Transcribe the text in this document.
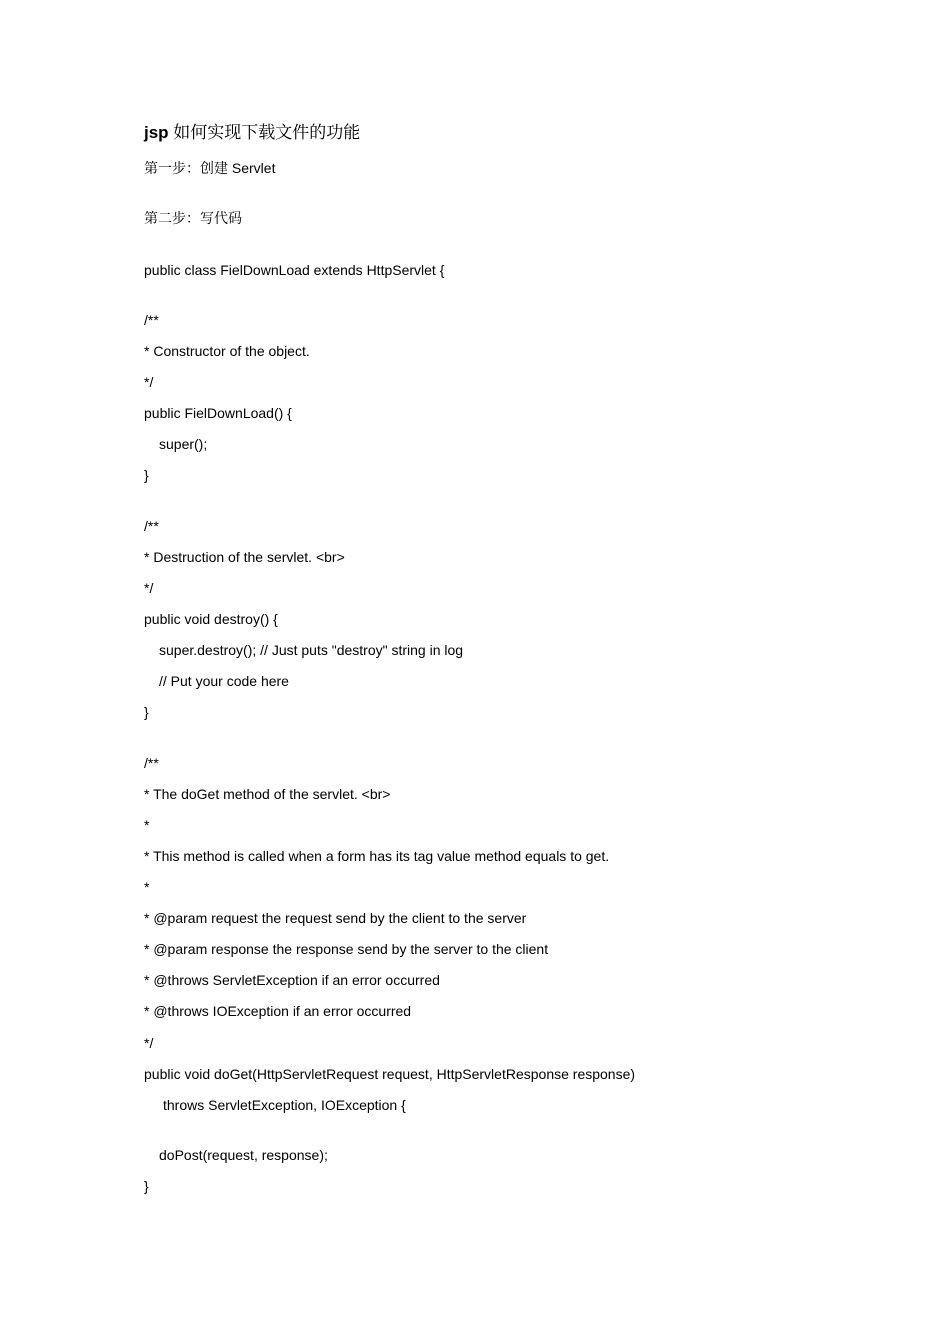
jsp 如何实现下载文件的功能
第一步：创建 Servlet
第二步：写代码
public class FielDownLoad extends HttpServlet {
/**
* Constructor of the object.
*/
public FielDownLoad() {
super();
}
/**
* Destruction of the servlet. <br>
*/
public void destroy() {
super.destroy(); // Just puts "destroy" string in log
// Put your code here
}
/**
* The doGet method of the servlet. <br>
*
* This method is called when a form has its tag value method equals to get.
*
* @param request the request send by the client to the server
* @param response the response send by the server to the client
* @throws ServletException if an error occurred
* @throws IOException if an error occurred
*/
public void doGet(HttpServletRequest request, HttpServletResponse response)
throws ServletException, IOException {
doPost(request, response);
}
